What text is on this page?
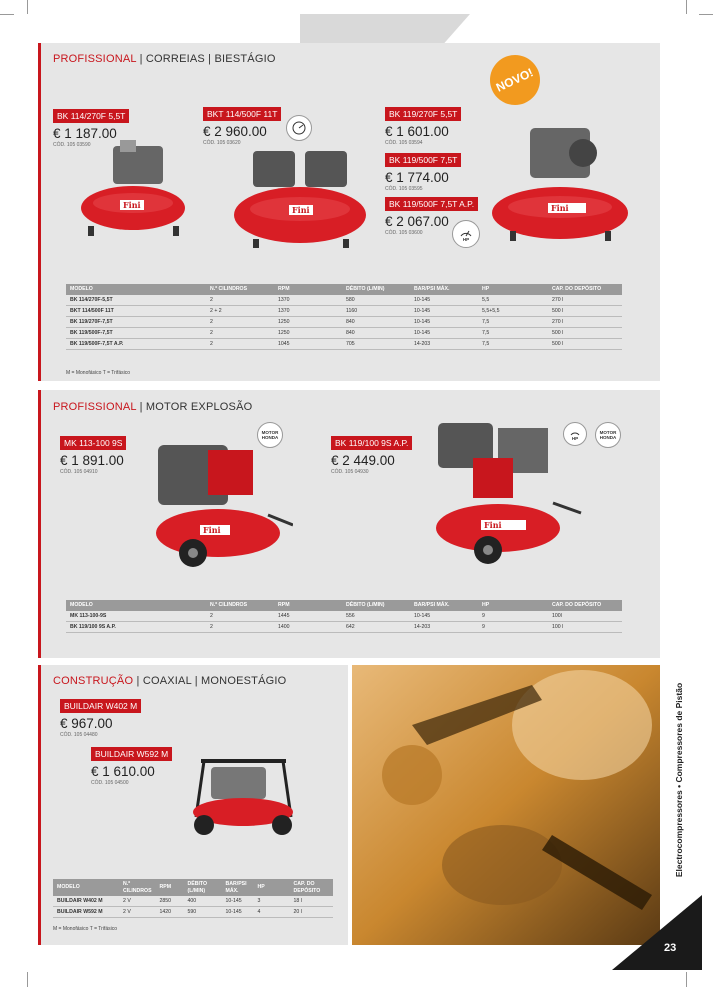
PROFISSIONAL | CORREIAS | BIESTÁGIO
NOVO!
BK 114/270F 5,5T
€ 1 187.00
CÓD. 105 03590
BKT 114/500F 11T
€ 2 960.00
CÓD. 105 03620
BK 119/270F 5,5T
€ 1 601.00
CÓD. 105 03594
BK 119/500F 7,5T
€ 1 774.00
CÓD. 105 03595
BK 119/500F 7,5T A.P.
€ 2 067.00
CÓD. 105 03600
Fini	Fini	Fini
HP
MODELO	N.º CILINDROS	RPM	DÉBITO (L/MIN)	BAR/PSI MÁX.	HP	CAP. DO DEPÓSITO
BK 114/270F-5,5T	2	1370	580	10-145	5,5	270 l
BKT 114/500F 11T	2 + 2	1370	1160	10-145	5,5+5,5	500 l
BK 119/270F-7,5T	2	1250	840	10-145	7,5	270 l
BK 119/500F-7,5T	2	1250	840	10-145	7,5	500 l
BK 119/500F-7,5T A.P.	2	1045	705	14-203	7,5	500 l
M = Monofásico T = Trifásico
PROFISSIONAL | MOTOR EXPLOSÃO
MK 113-100 9S
€ 1 891.00
CÓD. 105 04910
BK 119/100 9S A.P.
€ 2 449.00
CÓD. 105 04930
MOTOR HONDA	HP
MOTOR HONDA
Fini	Fini
MODELO	N.º CILINDROS	RPM	DÉBITO (L/MIN)	BAR/PSI MÁX.	HP	CAP. DO DEPÓSITO
MK 113-100-9S	2	1445	556	10-145	9	100l
BK 119/100 9S A.P.	2	1400	642	14-203	9	100 l
CONSTRUÇÃO | COAXIAL | MONOESTÁGIO
BUILDAIR W402 M
€ 967.00
CÓD. 105 04480
BUILDAIR W592 M
€ 1 610.00
CÓD. 105 04500
MODELO	N.º CILINDROS	RPM	DÉBITO (L/MIN)	BAR/PSI MÁX.	HP	CAP. DO DEPÓSITO
BUILDAIR W402 M	2 V	2850	400	10-145	3	18 l
BUILDAIR W592 M	2 V	1420	590	10-145	4	20 l
M = Monofásico T = Trifásico
Electrocompressores • Compressores de Pistão
23
